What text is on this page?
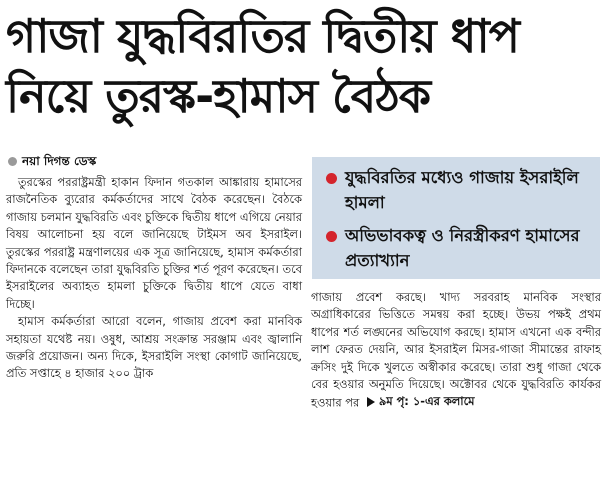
গাজা যুদ্ধবিরতির দ্বিতীয় ধাপ
নিয়ে তুরস্ক-হামাস বৈঠক
নয়া দিগন্ত ডেস্ক

তুরস্কের পররাষ্ট্রমন্ত্রী হাকান ফিদান গতকাল আঙ্কারায় হামাসের রাজনৈতিক ব্যুরোর কর্মকর্তাদের সাথে বৈঠক করেছেন। বৈঠকে গাজায় চলমান যুদ্ধবিরতি এবং চুক্তিকে দ্বিতীয় ধাপে এগিয়ে নেয়ার বিষয় আলোচনা হয় বলে জানিয়েছে টাইমস অব ইসরাইল। তুরস্কের পররাষ্ট্র মন্ত্রণালয়ের এক সূত্র জানিয়েছে, হামাস কর্মকর্তারা ফিদানকে বলেছেন তারা যুদ্ধবিরতি চুক্তির শর্ত পূরণ করেছেন। তবে ইসরাইলের অব্যাহত হামলা চুক্তিকে দ্বিতীয় ধাপে যেতে বাধা দিচ্ছে।

হামাস কর্মকর্তারা আরো বলেন, গাজায় প্রবেশ করা মানবিক সহায়তা যথেষ্ট নয়। ওষুধ, আশ্রয় সংক্রান্ত সরঞ্জাম এবং জ্বালানি জরুরি প্রয়োজন। অন্য দিকে, ইসরাইলি সংস্থা কোগাট জানিয়েছে, প্রতি সপ্তাহে ৪ হাজার ২০০ ট্রাক

যুদ্ধবিরতির মধ্যেও গাজায় ইসরাইলি হামলা
অভিভাবকত্ব ও নিরস্ত্রীকরণ হামাসের প্রত্যাখ্যান

গাজায় প্রবেশ করছে। খাদ্য সরবরাহ মানবিক সংস্থার অগ্রাধিকারের ভিত্তিতে সমন্বয় করা হচ্ছে। উভয় পক্ষই প্রথম ধাপের শর্ত লঙ্ঘনের অভিযোগ করছে। হামাস এখনো এক বন্দীর লাশ ফেরত দেয়নি, আর ইসরাইল মিসর-গাজা সীমান্তের রাফাহ ক্রসিং দুই দিকে খুলতে অস্বীকার করেছে। তারা শুধু গাজা থেকে বের হওয়ার অনুমতি দিয়েছে। অক্টোবর থেকে যুদ্ধবিরতি কার্যকর হওয়ার পর ৯ম পৃ: ১-এর কলামে
